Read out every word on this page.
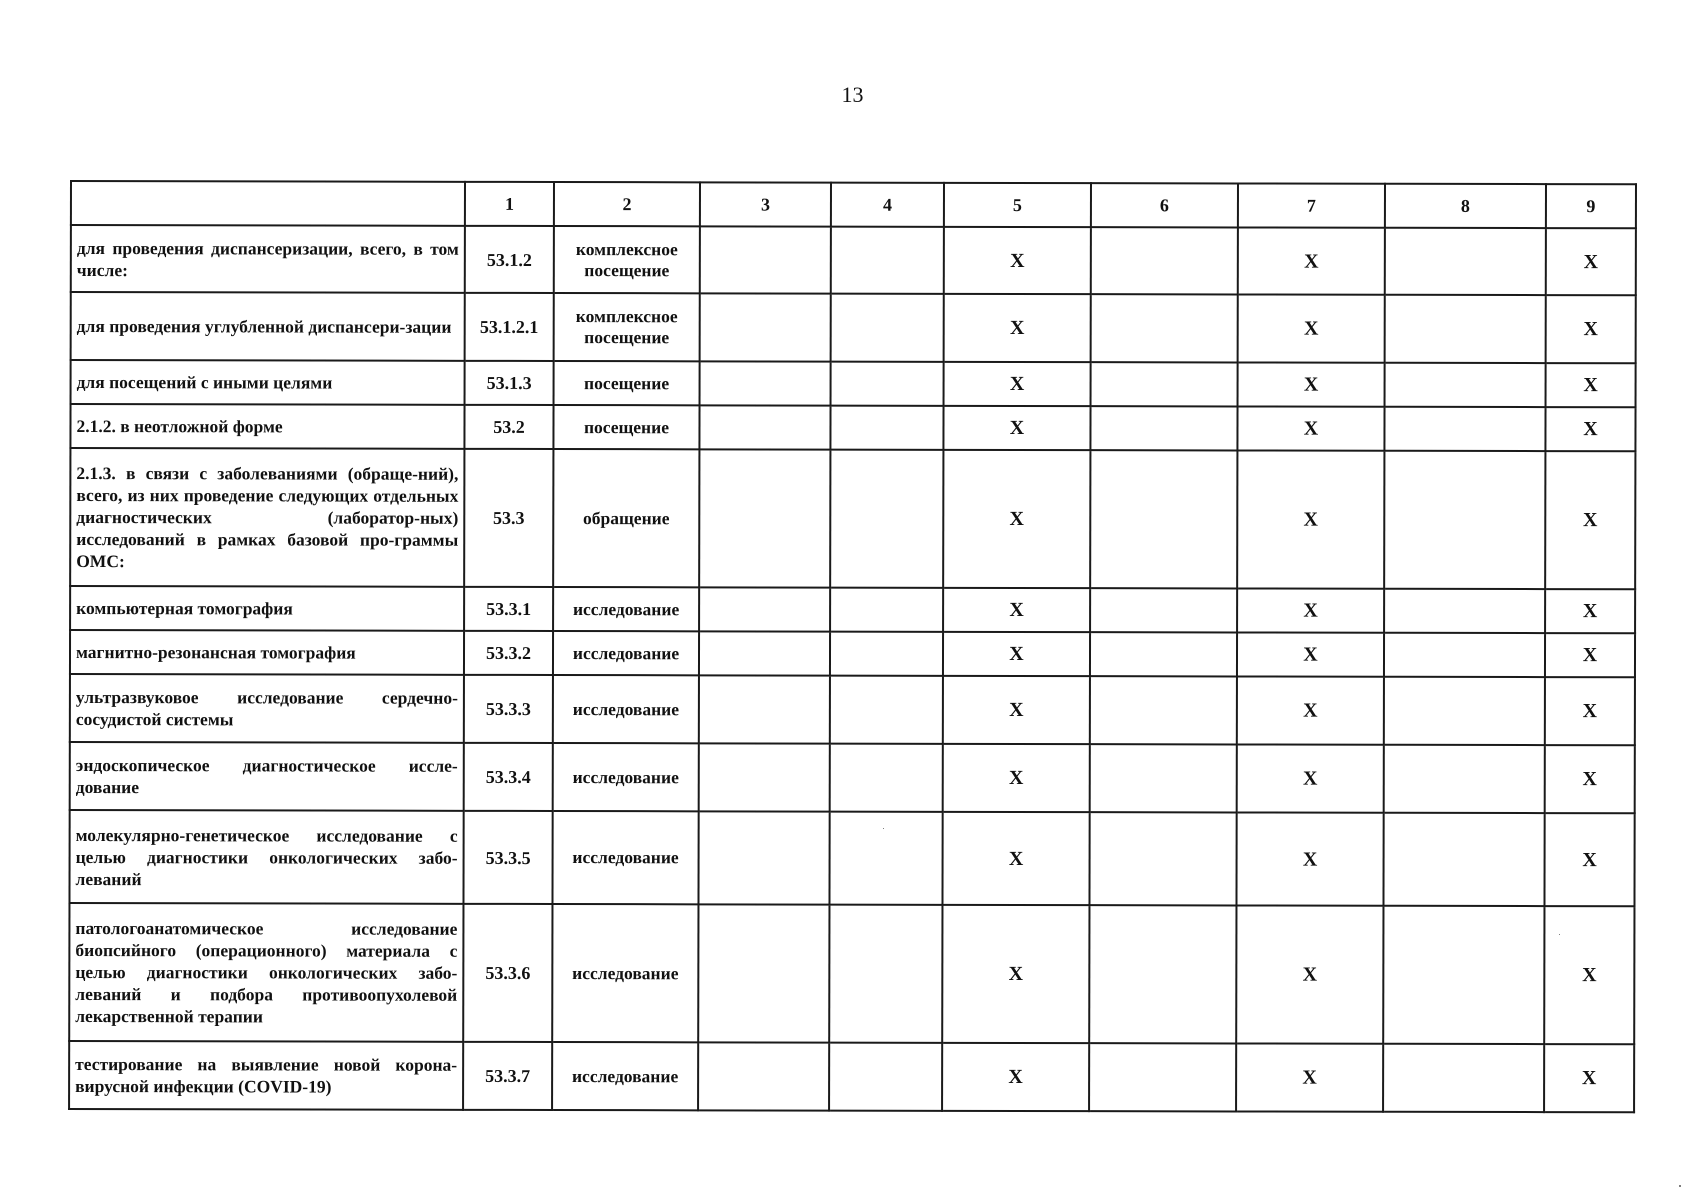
13
	1	2	3	4	5	6	7	8	9
для проведения диспансеризации, всего, в том числе:	53.1.2	комплексное посещение			X		X		X
для проведения углубленной диспансери-зации	53.1.2.1	комплексное посещение			X		X		X
для посещений с иными целями	53.1.3	посещение			X		X		X
2.1.2. в неотложной форме	53.2	посещение			X		X		X
2.1.3. в связи с заболеваниями (обраще-ний), всего, из них проведение следующих отдельных диагностических (лаборатор-ных) исследований в рамках базовой про-граммы ОМС:	53.3	обращение			X		X		X
компьютерная томография	53.3.1	исследование			X		X		X
магнитно-резонансная томография	53.3.2	исследование			X		X		X
ультразвуковое исследование сердечно-сосудистой системы	53.3.3	исследование			X		X		X
эндоскопическое диагностическое иссле-дование	53.3.4	исследование			X		X		X
молекулярно-генетическое исследование с целью диагностики онкологических забо-леваний	53.3.5	исследование			X		X		X
патологоанатомическое исследование биопсийного (операционного) материала с целью диагностики онкологических забо-леваний и подбора противоопухолевой лекарственной терапии	53.3.6	исследование			X		X		X
тестирование на выявление новой корона-вирусной инфекции (COVID-19)	53.3.7	исследование			X		X		X
